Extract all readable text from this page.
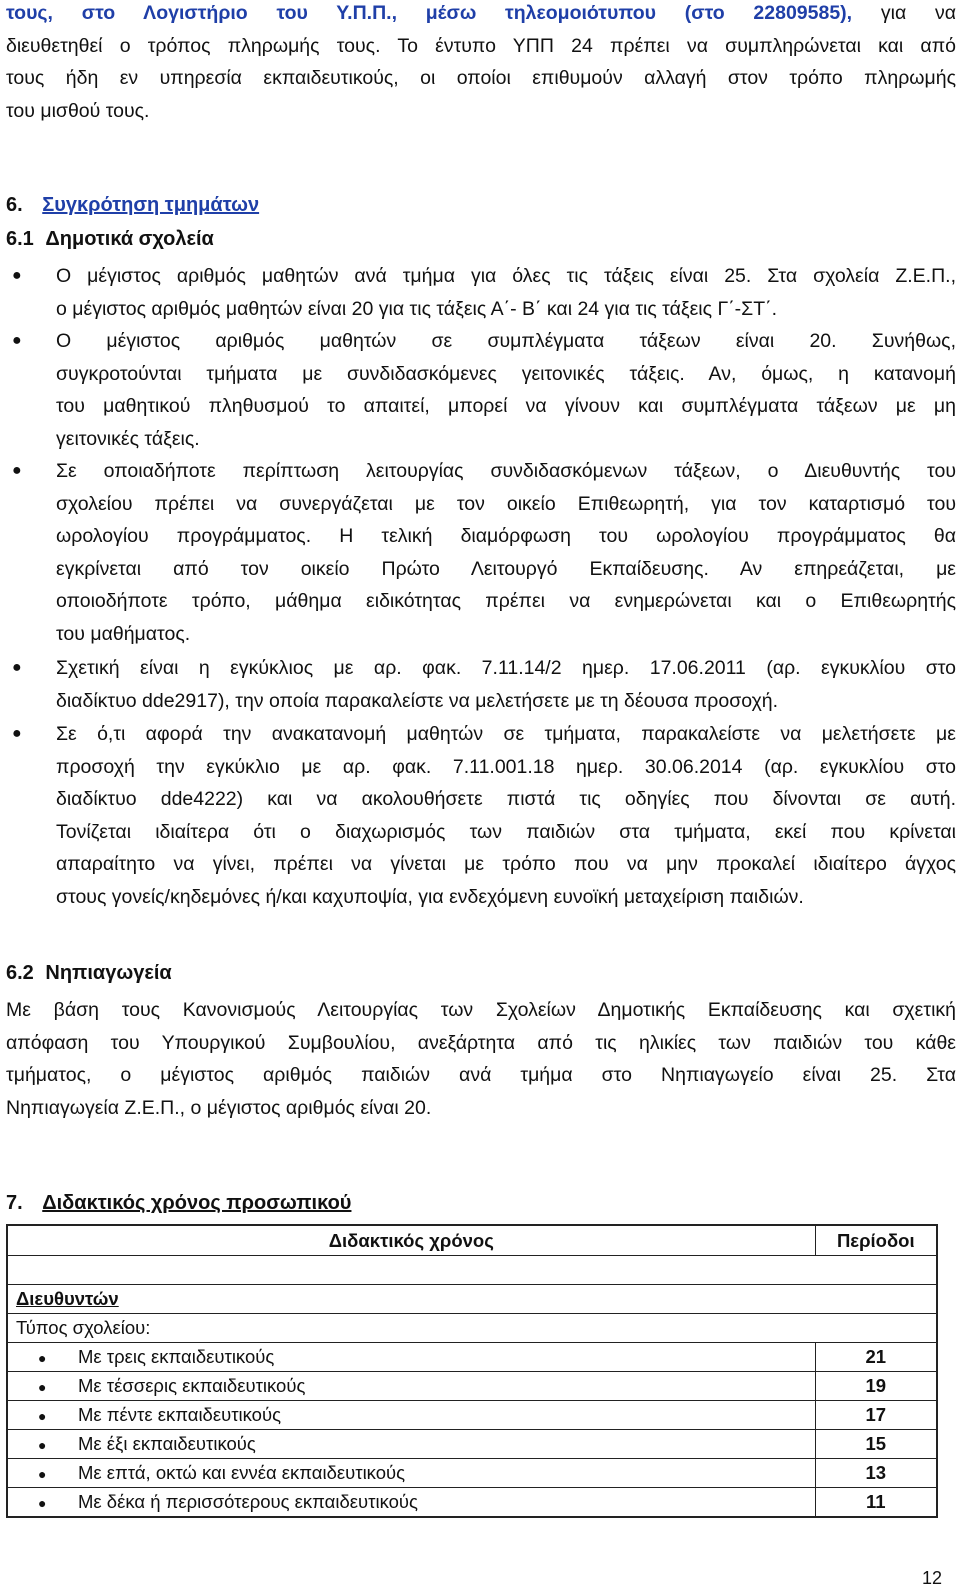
τους, στο Λογιστήριο του Υ.Π.Π., μέσω τηλεομοιότυπου (στο 22809585), για να
διευθετηθεί ο τρόπος πληρωμής τους. Το έντυπο ΥΠΠ 24 πρέπει να συμπληρώνεται και από
τους ήδη εν υπηρεσία εκπαιδευτικούς, οι οποίοι επιθυμούν αλλαγή στον τρόπο πληρωμής
του μισθού τους.
6. Συγκρότηση τμημάτων
6.1 Δημοτικά σχολεία
● Ο μέγιστος αριθμός μαθητών ανά τμήμα για όλες τις τάξεις είναι 25. Στα σχολεία Ζ.Ε.Π.,
ο μέγιστος αριθμός μαθητών είναι 20 για τις τάξεις Α΄- Β΄ και 24 για τις τάξεις Γ΄-ΣΤ΄.
● Ο μέγιστος αριθμός μαθητών σε συμπλέγματα τάξεων είναι 20. Συνήθως,
συγκροτούνται τμήματα με συνδιδασκόμενες γειτονικές τάξεις. Αν, όμως, η κατανομή
του μαθητικού πληθυσμού το απαιτεί, μπορεί να γίνουν και συμπλέγματα τάξεων με μη
γειτονικές τάξεις.
● Σε οποιαδήποτε περίπτωση λειτουργίας συνδιδασκόμενων τάξεων, ο Διευθυντής του
σχολείου πρέπει να συνεργάζεται με τον οικείο Επιθεωρητή, για τον καταρτισμό του
ωρολογίου προγράμματος. Η τελική διαμόρφωση του ωρολογίου προγράμματος θα
εγκρίνεται από τον οικείο Πρώτο Λειτουργό Εκπαίδευσης. Αν επηρεάζεται, με
οποιοδήποτε τρόπο, μάθημα ειδικότητας πρέπει να ενημερώνεται και ο Επιθεωρητής
του μαθήματος.
● Σχετική είναι η εγκύκλιος με αρ. φακ. 7.11.14/2 ημερ. 17.06.2011 (αρ. εγκυκλίου στο
διαδίκτυο dde2917), την οποία παρακαλείστε να μελετήσετε με τη δέουσα προσοχή.
● Σε ό,τι αφορά την ανακατανομή μαθητών σε τμήματα, παρακαλείστε να μελετήσετε με
προσοχή την εγκύκλιο με αρ. φακ. 7.11.001.18 ημερ. 30.06.2014 (αρ. εγκυκλίου στο
διαδίκτυο dde4222) και να ακολουθήσετε πιστά τις οδηγίες που δίνονται σε αυτή.
Τονίζεται ιδιαίτερα ότι ο διαχωρισμός των παιδιών στα τμήματα, εκεί που κρίνεται
απαραίτητο να γίνει, πρέπει να γίνεται με τρόπο που να μην προκαλεί ιδιαίτερο άγχος
στους γονείς/κηδεμόνες ή/και καχυποψία, για ενδεχόμενη ευνοϊκή μεταχείριση παιδιών.
6.2 Νηπιαγωγεία
Με βάση τους Κανονισμούς Λειτουργίας των Σχολείων Δημοτικής Εκπαίδευσης και σχετική
απόφαση του Υπουργικού Συμβουλίου, ανεξάρτητα από τις ηλικίες των παιδιών του κάθε
τμήματος, ο μέγιστος αριθμός παιδιών ανά τμήμα στο Νηπιαγωγείο είναι 25. Στα
Νηπιαγωγεία Ζ.Ε.Π., ο μέγιστος αριθμός είναι 20.
7. Διδακτικός χρόνος προσωπικού
Διδακτικός χρόνος	Περίοδοι

Διευθυντών	
Τύπος σχολείου:	
● Με τρεις εκπαιδευτικούς	21
● Με τέσσερις εκπαιδευτικούς	19
● Με πέντε εκπαιδευτικούς	17
● Με έξι εκπαιδευτικούς	15
● Με επτά, οκτώ και εννέα εκπαιδευτικούς	13
● Με δέκα ή περισσότερους εκπαιδευτικούς	11
12
